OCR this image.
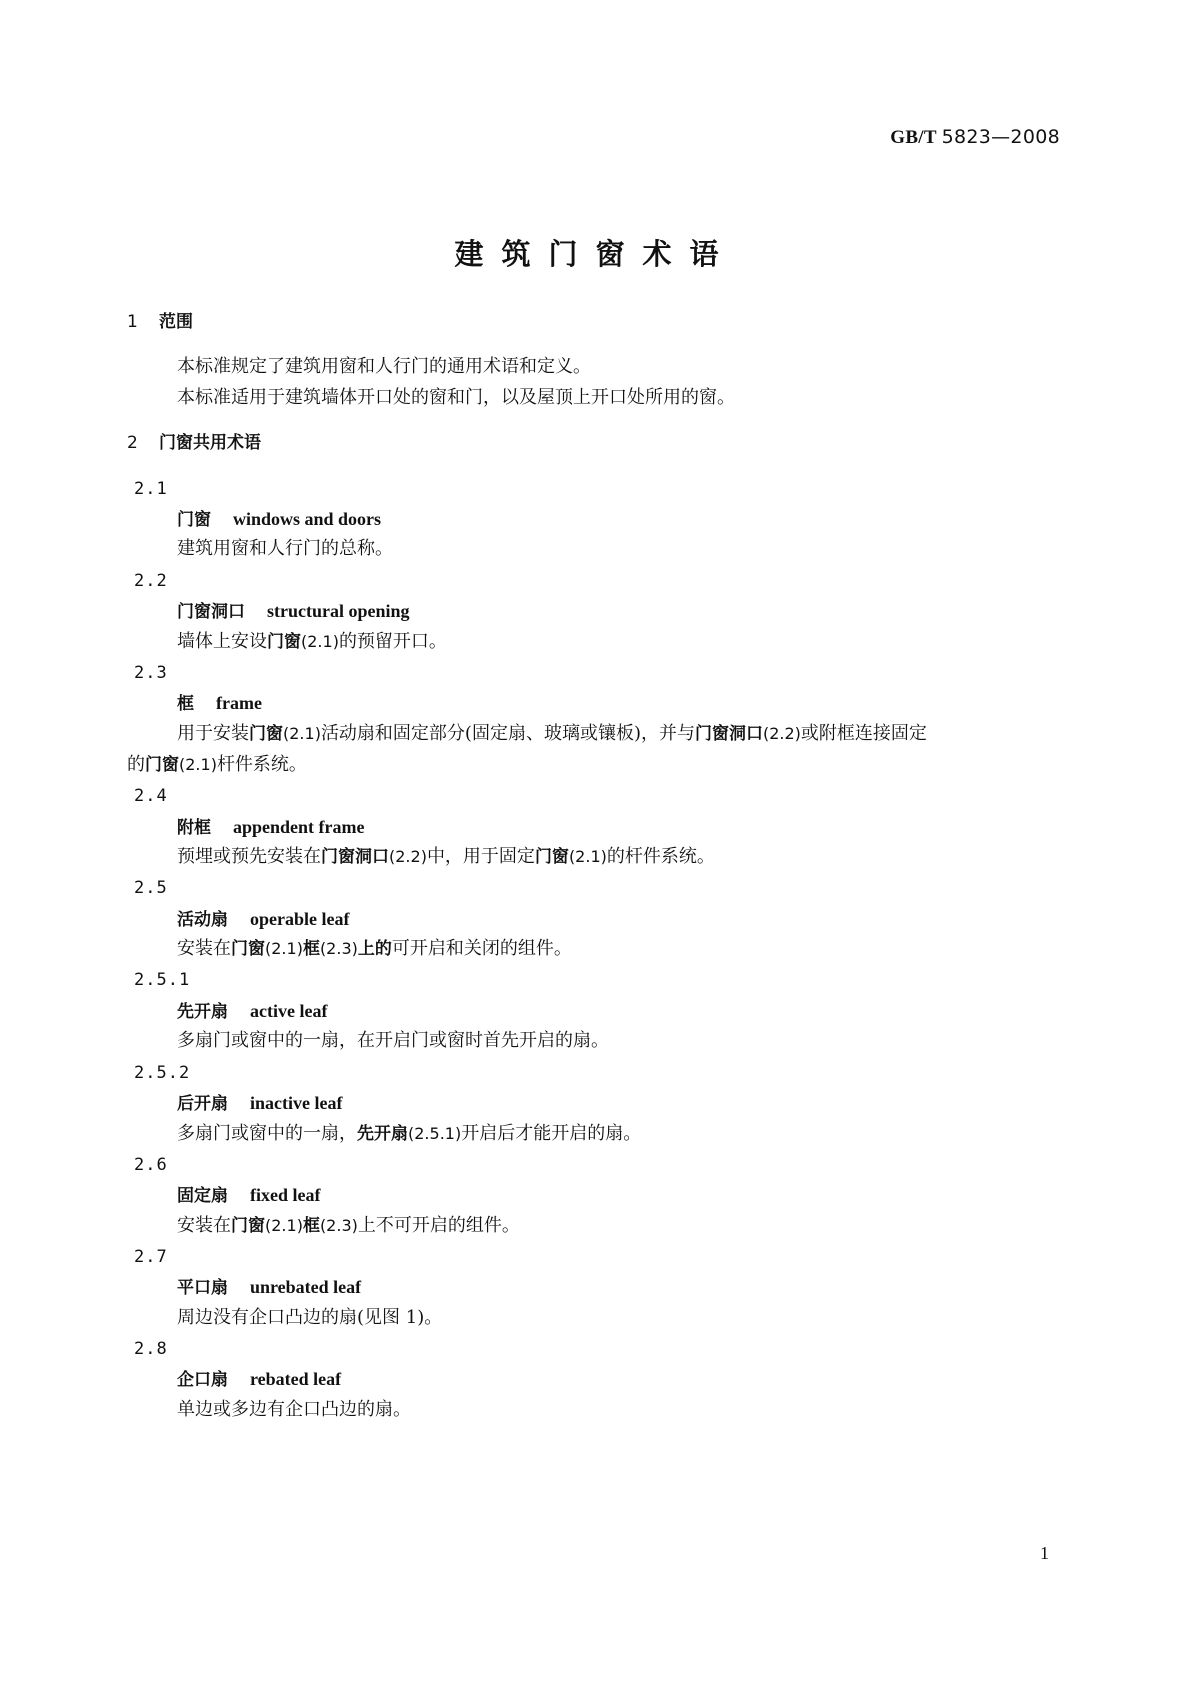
GB/T 5823—2008
建筑门窗术语
1 范围
本标准规定了建筑用窗和人行门的通用术语和定义。
本标准适用于建筑墙体开口处的窗和门，以及屋顶上开口处所用的窗。
2 门窗共用术语
2.1
门窗 windows and doors
建筑用窗和人行门的总称。
2.2
门窗洞口 structural opening
墙体上安设门窗(2.1)的预留开口。
2.3
框 frame
用于安装门窗(2.1)活动扇和固定部分(固定扇、玻璃或镶板)，并与门窗洞口(2.2)或附框连接固定
的门窗(2.1)杆件系统。
2.4
附框 appendent frame
预埋或预先安装在门窗洞口(2.2)中，用于固定门窗(2.1)的杆件系统。
2.5
活动扇 operable leaf
安装在门窗(2.1)框(2.3)上的可开启和关闭的组件。
2.5.1
先开扇 active leaf
多扇门或窗中的一扇，在开启门或窗时首先开启的扇。
2.5.2
后开扇 inactive leaf
多扇门或窗中的一扇，先开扇(2.5.1)开启后才能开启的扇。
2.6
固定扇 fixed leaf
安装在门窗(2.1)框(2.3)上不可开启的组件。
2.7
平口扇 unrebated leaf
周边没有企口凸边的扇(见图 1)。
2.8
企口扇 rebated leaf
单边或多边有企口凸边的扇。
1
